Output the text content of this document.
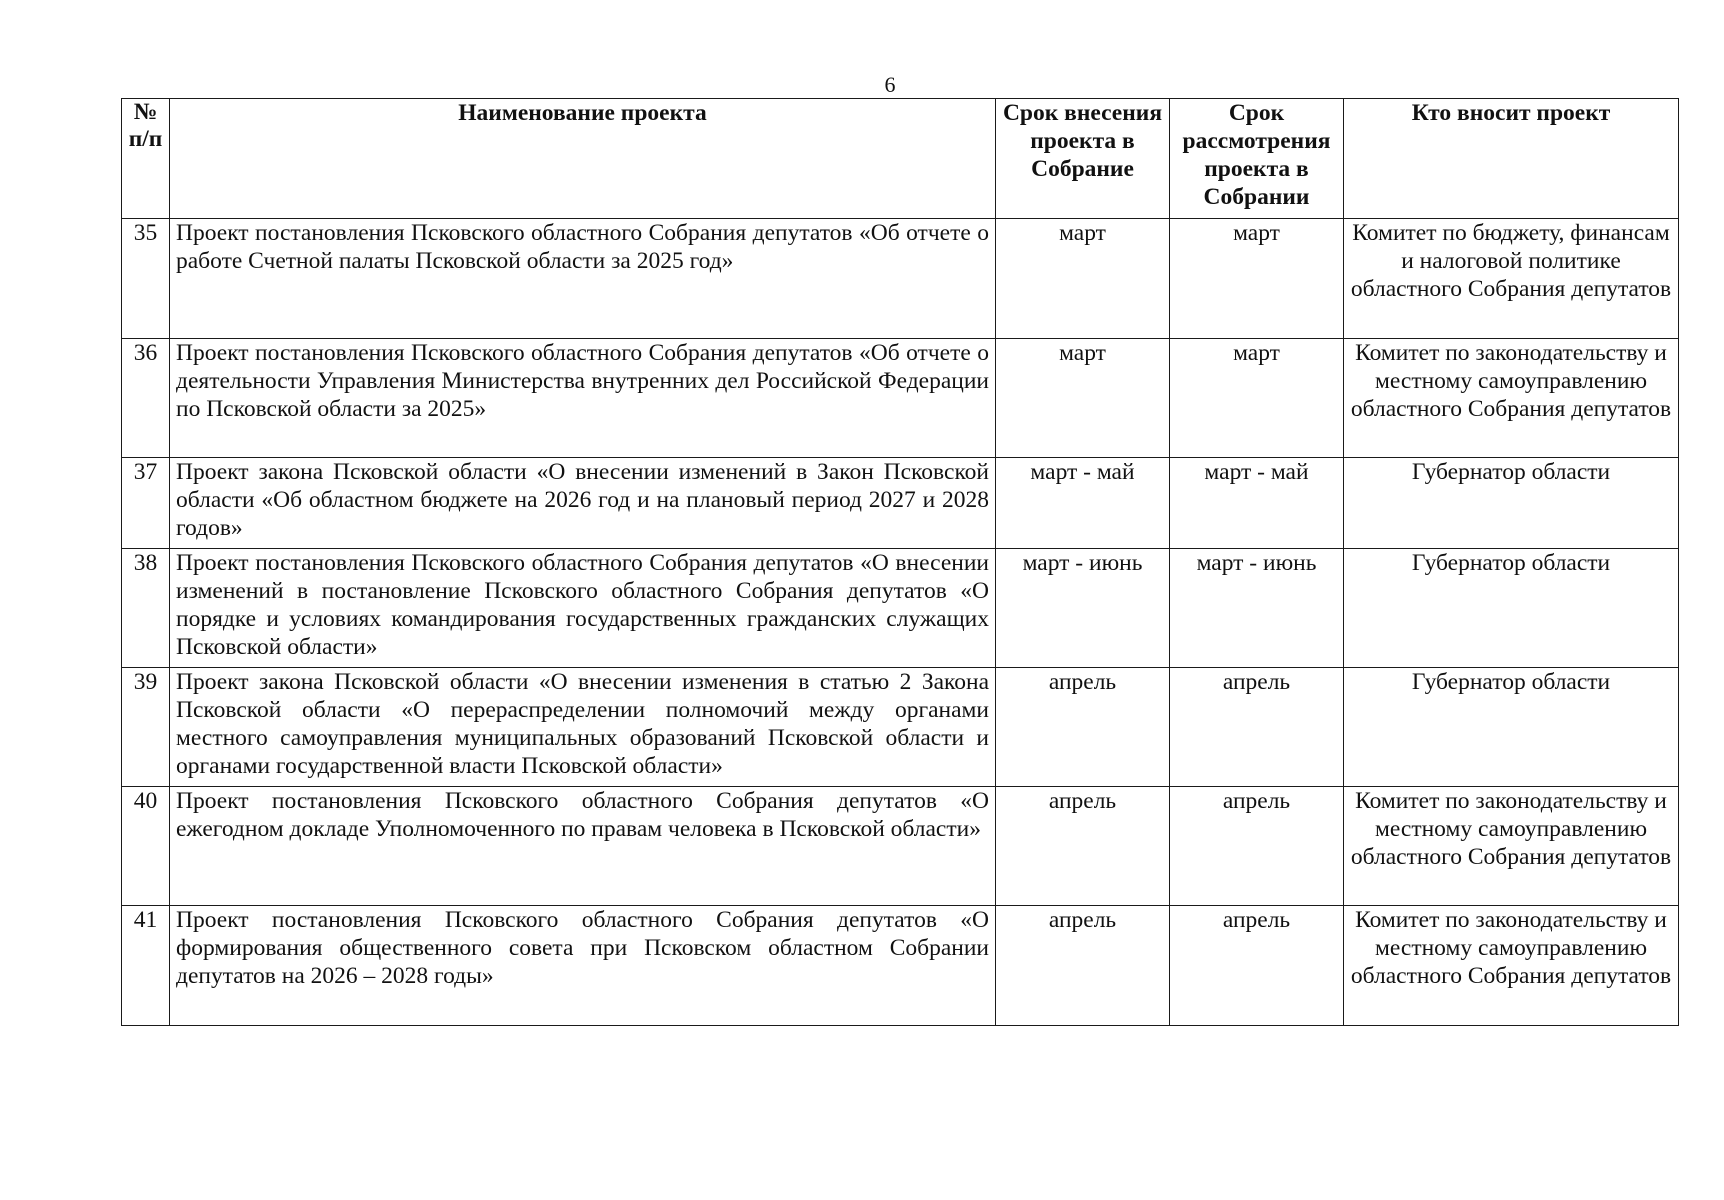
6
№ п/п	Наименование проекта	Срок внесения проекта в Собрание	Срок рассмотрения проекта в Собрании	Кто вносит проект
35	Проект постановления Псковского областного Собрания депутатов «Об отчете о работе Счетной палаты Псковской области за 2025 год»	март	март	Комитет по бюджету, финансам и налоговой политике областного Собрания депутатов
36	Проект постановления Псковского областного Собрания депутатов «Об отчете о деятельности Управления Министерства внутренних дел Российской Федерации по Псковской области за 2025»	март	март	Комитет по законодательству и местному самоуправлению областного Собрания депутатов
37	Проект закона Псковской области «О внесении изменений в Закон Псковской области «Об областном бюджете на 2026 год и на плановый период 2027 и 2028 годов»	март - май	март - май	Губернатор области
38	Проект постановления Псковского областного Собрания депутатов «О внесении изменений в постановление Псковского областного Собрания депутатов «О порядке и условиях командирования государственных гражданских служащих Псковской области»	март - июнь	март - июнь	Губернатор области
39	Проект закона Псковской области «О внесении изменения в статью 2 Закона Псковской области «О перераспределении полномочий между органами местного самоуправления муниципальных образований Псковской области и органами государственной власти Псковской области»	апрель	апрель	Губернатор области
40	Проект постановления Псковского областного Собрания депутатов «О ежегодном докладе Уполномоченного по правам человека в Псковской области»	апрель	апрель	Комитет по законодательству и местному самоуправлению областного Собрания депутатов
41	Проект постановления Псковского областного Собрания депутатов «О формирования общественного совета при Псковском областном Собрании депутатов на 2026 – 2028 годы»	апрель	апрель	Комитет по законодательству и местному самоуправлению областного Собрания депутатов
